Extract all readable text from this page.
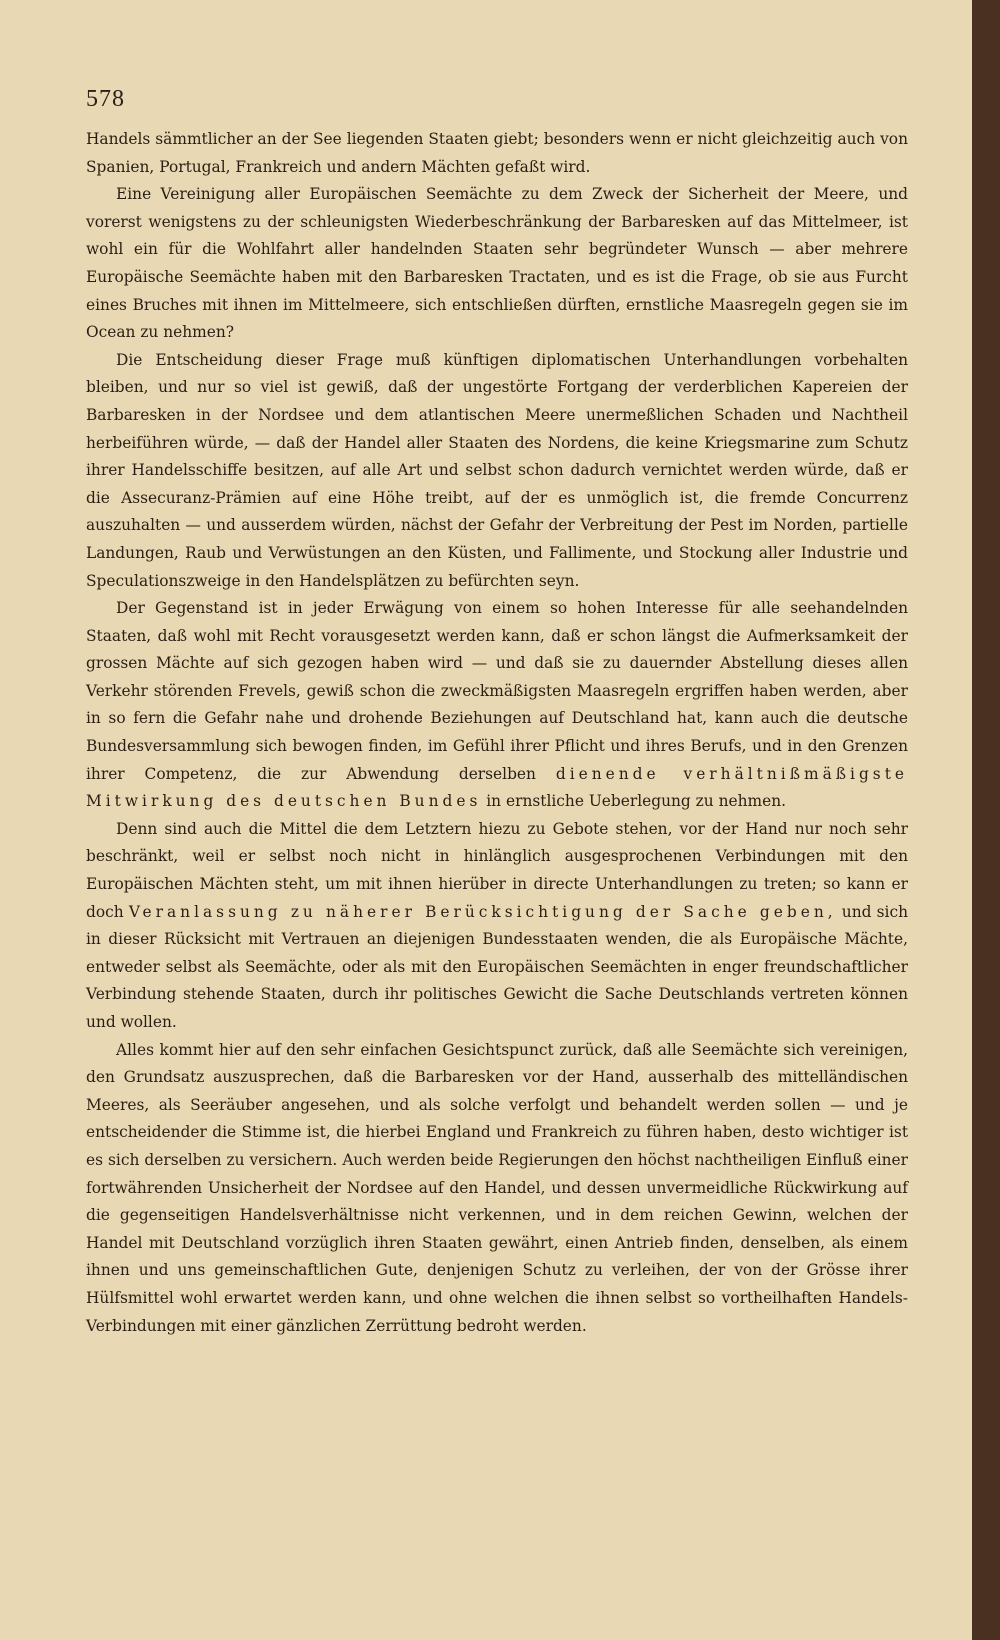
578

Handels sämmtlicher an der See liegenden Staaten giebt; besonders wenn er nicht gleichzeitig auch von Spanien, Portugal, Frankreich und andern Mächten gefaßt wird.

Eine Vereinigung aller Europäischen Seemächte zu dem Zweck der Sicherheit der Meere, und vorerst wenigstens zu der schleunigsten Wiederbeschränkung der Barbaresken auf das Mittelmeer, ist wohl ein für die Wohlfahrt aller handelnden Staaten sehr begründeter Wunsch — aber mehrere Europäische Seemächte haben mit den Barbaresken Tractaten, und es ist die Frage, ob sie aus Furcht eines Bruches mit ihnen im Mittelmeere, sich entschließen dürften, ernstliche Maasregeln gegen sie im Ocean zu nehmen?

Die Entscheidung dieser Frage muß künftigen diplomatischen Unterhandlungen vorbehalten bleiben, und nur so viel ist gewiß, daß der ungestörte Fortgang der verderblichen Kapereien der Barbaresken in der Nordsee und dem atlantischen Meere unermeßlichen Schaden und Nachtheil herbeiführen würde, — daß der Handel aller Staaten des Nordens, die keine Kriegsmarine zum Schutz ihrer Handelsschiffe besitzen, auf alle Art und selbst schon dadurch vernichtet werden würde, daß er die Assecuranz-Prämien auf eine Höhe treibt, auf der es unmöglich ist, die fremde Concurrenz auszuhalten — und ausserdem würden, nächst der Gefahr der Verbreitung der Pest im Norden, partielle Landungen, Raub und Verwüstungen an den Küsten, und Fallimente, und Stockung aller Industrie und Speculationszweige in den Handelsplätzen zu befürchten seyn.

Der Gegenstand ist in jeder Erwägung von einem so hohen Interesse für alle seehandelnden Staaten, daß wohl mit Recht vorausgesetzt werden kann, daß er schon längst die Aufmerksamkeit der grossen Mächte auf sich gezogen haben wird — und daß sie zu dauernder Abstellung dieses allen Verkehr störenden Frevels, gewiß schon die zweckmäßigsten Maasregeln ergriffen haben werden, aber in so fern die Gefahr nahe und drohende Beziehungen auf Deutschland hat, kann auch die deutsche Bundesversammlung sich bewogen finden, im Gefühl ihrer Pflicht und ihres Berufs, und in den Grenzen ihrer Competenz, die zur Abwendung derselben dienende verhältnißmäßigste Mitwirkung des deutschen Bundes in ernstliche Ueberlegung zu nehmen.

Denn sind auch die Mittel die dem Letztern hiezu zu Gebote stehen, vor der Hand nur noch sehr beschränkt, weil er selbst noch nicht in hinlänglich ausgesprochenen Verbindungen mit den Europäischen Mächten steht, um mit ihnen hierüber in directe Unterhandlungen zu treten; so kann er doch Veranlassung zu näherer Berücksichtigung der Sache geben, und sich in dieser Rücksicht mit Vertrauen an diejenigen Bundesstaaten wenden, die als Europäische Mächte, entweder selbst als Seemächte, oder als mit den Europäischen Seemächten in enger freundschaftlicher Verbindung stehende Staaten, durch ihr politisches Gewicht die Sache Deutschlands vertreten können und wollen.

Alles kommt hier auf den sehr einfachen Gesichtspunct zurück, daß alle Seemächte sich vereinigen, den Grundsatz auszusprechen, daß die Barbaresken vor der Hand, ausserhalb des mittelländischen Meeres, als Seeräuber angesehen, und als solche verfolgt und behandelt werden sollen — und je entscheidender die Stimme ist, die hierbei England und Frankreich zu führen haben, desto wichtiger ist es sich derselben zu versichern. Auch werden beide Regierungen den höchst nachtheiligen Einfluß einer fortwährenden Unsicherheit der Nordsee auf den Handel, und dessen unvermeidliche Rückwirkung auf die gegenseitigen Handelsverhältnisse nicht verkennen, und in dem reichen Gewinn, welchen der Handel mit Deutschland vorzüglich ihren Staaten gewährt, einen Antrieb finden, denselben, als einem ihnen und uns gemeinschaftlichen Gute, denjenigen Schutz zu verleihen, der von der Grösse ihrer Hülfsmittel wohl erwartet werden kann, und ohne welchen die ihnen selbst so vortheilhaften Handels-Verbindungen mit einer gänzlichen Zerrüttung bedroht werden.
